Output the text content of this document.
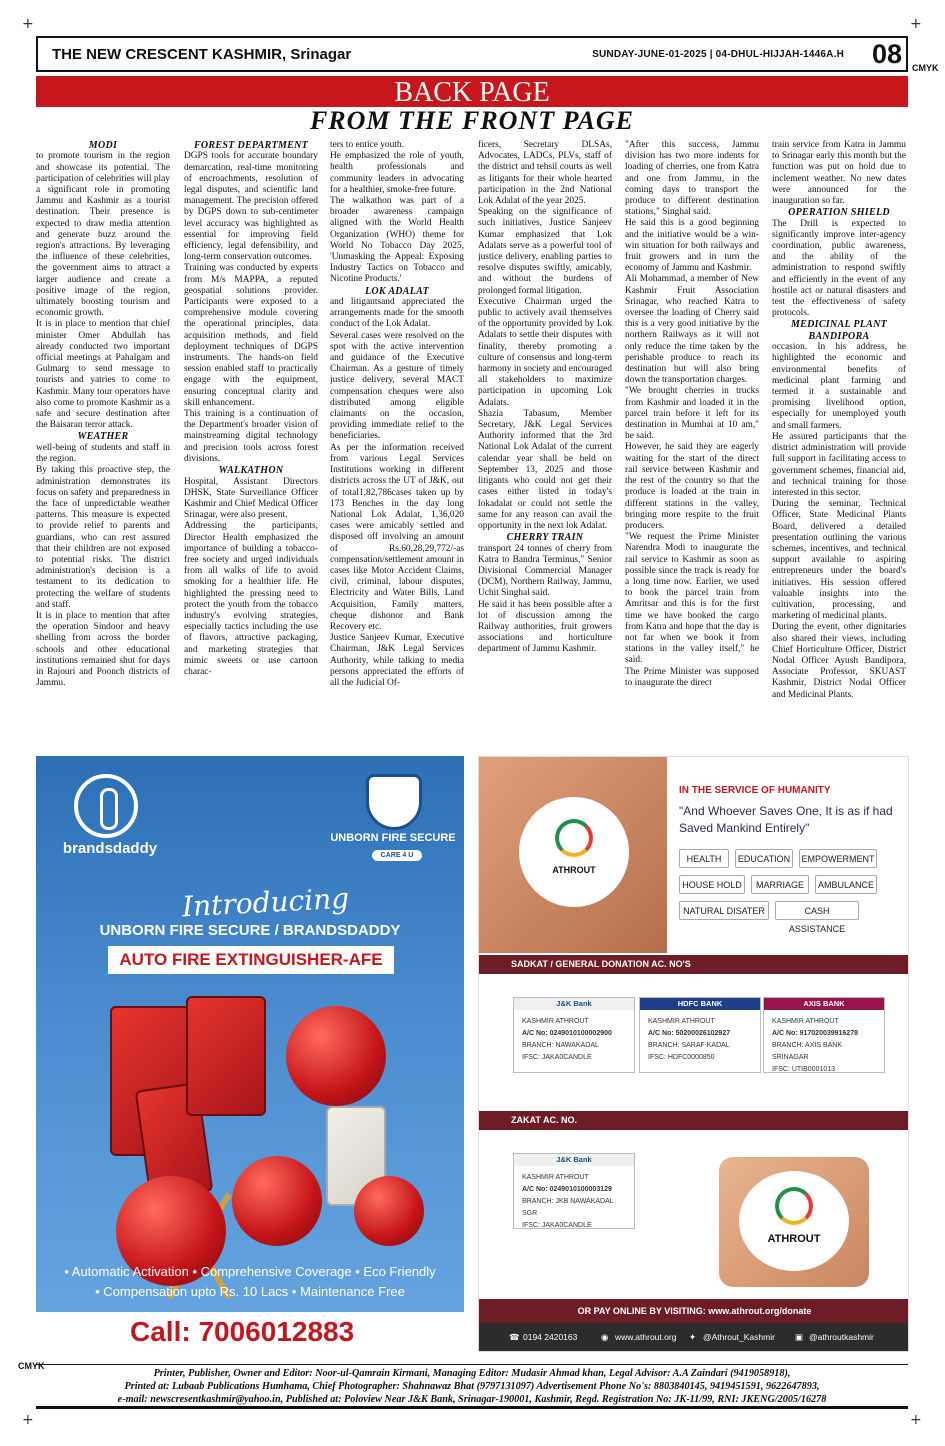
+	+
+	+
CMYK
CMYK
THE NEW CRESCENT KASHMIR, Srinagar	SUNDAY-JUNE-01-2025 | 04-DHUL-HIJJAH-1446A.H 08
BACK PAGE
FROM THE FRONT PAGE
MODI

to promote tourism in the region and showcase its potential. The participation of celebrities will play a significant role in promoting Jammu and Kashmir as a tourist destination. Their presence is expected to draw media attention and generate buzz around the region's attractions. By leveraging the influence of these celebrities, the government aims to attract a larger audience and create a positive image of the region, ultimately boosting tourism and economic growth.

It is in place to mention that chief minister Omer Abdullah has already conducted two important official meetings at Pahalgam and Gulmarg to send message to tourists and yatries to come to Kashmir. Many tour operators have also come to promote Kashmir as a safe and secure destination after the Baisaran terror attack.

WEATHER

well-being of students and staff in the region.

By taking this proactive step, the administration demonstrates its focus on safety and preparedness in the face of unpredictable weather patterns. This measure is expected to provide relief to parents and guardians, who can rest assured that their children are not exposed to potential risks. The district administration's decision is a testament to its dedication to protecting the welfare of students and staff.

It is in place to mention that after the operation Sindoor and heavy shelling from across the border schools and other educational institutions remained shut for days in Rajouri and Poonch districts of Jammu.

FOREST DEPARTMENT

DGPS tools for accurate boundary demarcation, real-time monitoring of encroachments, resolution of legal disputes, and scientific land management. The precision offered by DGPS down to sub-centimeter level accuracy was highlighted as essential for improving field efficiency, legal defensibility, and long-term conservation outcomes.

Training was conducted by experts from M/s MAPPA, a reputed geospatial solutions provider. Participants were exposed to a comprehensive module covering the operational principles, data acquisition methods, and field deployment techniques of DGPS instruments. The hands-on field session enabled staff to practically engage with the equipment, ensuring conceptual clarity and skill enhancement.

This training is a continuation of the Department's broader vision of mainstreaming digital technology and precision tools across forest divisions.

WALKATHON

Hospital, Assistant Directors DHSK, State Surveillance Officer Kashmir and Chief Medical Officer Srinagar, were also present.

Addressing the participants, Director Health emphasized the importance of building a tobacco-free society and urged individuals from all walks of life to avoid smoking for a healthier life. He highlighted the pressing need to protect the youth from the tobacco industry's evolving strategies, especially tactics including the use of flavors, attractive packaging, and marketing strategies that mimic sweets or use cartoon charac-

ters to entice youth.

He emphasized the role of youth, health professionals and community leaders in advocating for a healthier, smoke-free future.

The walkathon was part of a broader awareness campaign aligned with the World Health Organization (WHO) theme for World No Tobacco Day 2025, 'Unmasking the Appeal: Exposing Industry Tactics on Tobacco and Nicotine Products.'

LOK ADALAT

and litigantsand appreciated the arrangements made for the smooth conduct of the Lok Adalat.

Several cases were resolved on the spot with the active intervention and guidance of the Executive Chairman. As a gesture of timely justice delivery, several MACT compensation cheques were also distributed among eligible claimants on the occasion, providing immediate relief to the beneficiaries.

As per the information received from various Legal Services Institutions working in different districts across the UT of J&K, out of total1,82,786cases taken up by 173 Benches in the day long National Lok Adalat, 1,36,020 cases were amicably settled and disposed off involving an amount of Rs.60,28,29,772/-as compensation/settlement amount in cases like Motor Accident Claims, civil, criminal, labour disputes, Electricity and Water Bills, Land Acquisition, Family matters, cheque dishonor and Bank Recovery etc.

Justice Sanjeev Kumar, Executive Chairman, J&K Legal Services Authority, while talking to media persons appreciated the efforts of all the Judicial Of-

ficers, Secretary DLSAs, Advocates, LADCs, PLVs, staff of the district and tehsil courts as well as litigants for their whole hearted participation in the 2nd National Lok Adalat of the year 2025.

Speaking on the significance of such initiatives, Justice Sanjeev Kumar emphasized that Lok Adalats serve as a powerful tool of justice delivery, enabling parties to resolve disputes swiftly, amicably, and without the burdens of prolonged formal litigation.

Executive Chairman urged the public to actively avail themselves of the opportunity provided by Lok Adalats to settle their disputes with finality, thereby promoting a culture of consensus and long-term harmony in society and encouraged all stakeholders to maximize participation in upcoming Lok Adalats.

Shazia Tabasum, Member Secretary, J&K Legal Services Authority informed that the 3rd National Lok Adalat of the current calendar year shall be held on September 13, 2025 and those litigants who could not get their cases either listed in today's lokadalat or could not settle the same for any reason can avail the opportunity in the next lok Adalat.

CHERRY TRAIN

transport 24 tonnes of cherry from Katra to Bandra Terminus," Senior Divisional Commercial Manager (DCM), Northern Railway, Jammu, Uchit Singhal said.

He said it has been possible after a lot of discussion among the Railway authorities, fruit growers associations and horticulture department of Jammu Kashmir.

"After this success, Jammu division has two more indents for loading of cherries, one from Katra and one from Jammu, in the coming days to transport the produce to different destination stations," Singhal said.

He said this is a good beginning and the initiative would be a win-win situation for both railways and fruit growers and in turn the economy of Jammu and Kashmir.

Ali Mohammad, a member of New Kashmir Fruit Association Srinagar, who reached Katra to oversee the loading of Cherry said this is a very good initiative by the northern Railways as it will not only reduce the time taken by the perishable produce to reach its destination but will also bring down the transportation charges.

"We brought cherries in trucks from Kashmir and loaded it in the parcel train before it left for its destination in Mumbai at 10 am," he said.

However, he said they are eagerly waiting for the start of the direct rail service between Kashmir and the rest of the country so that the produce is loaded at the train in different stations in the valley, bringing more respite to the fruit producers.

"We request the Prime Minister Narendra Modi to inaugurate the rail service to Kashmir as soon as possible since the track is ready for a long time now. Earlier, we used to book the parcel train from Amritsar and this is for the first time we have booked the cargo from Katra and hope that the day is not far when we book it from stations in the valley itself," he said.

The Prime Minister was supposed to inaugurate the direct

train service from Katra in Jammu to Srinagar early this month but the function was put on hold due to inclement weather. No new dates were announced for the inauguration so far.

OPERATION SHIELD

The Drill is expected to significantly improve inter-agency coordination, public awareness, and the ability of the administration to respond swiftly and efficiently in the event of any hostile act or natural disasters and test the effectiveness of safety protocols.

MEDICINAL PLANT BANDIPORA

occasion. In his address, he highlighted the economic and environmental benefits of medicinal plant farming and termed it a sustainable and promising livelihood option, especially for unemployed youth and small farmers.

He assured participants that the district administration will provide full support in facilitating access to government schemes, financial aid, and technical training for those interested in this sector.

During the seminar, Technical Officer, State Medicinal Plants Board, delivered a detailed presentation outlining the various schemes, incentives, and technical support available to aspiring entrepreneurs under the board's initiatives. His session offered valuable insights into the cultivation, processing, and marketing of medicinal plants.

During the event, other dignitaries also shared their views, including Chief Horticulture Officer, District Nodal Officer Ayush Bandipora, Associate Professor, SKUAST Kashmir, District Nodal Officer and Medicinal Plants.

brandsdaddy
UNBORN FIRE SECURE
CARE 4 U
Introducing
UNBORN FIRE SECURE / BRANDSDADDY
AUTO FIRE EXTINGUISHER-AFE
• Automatic Activation • Comprehensive Coverage • Eco Friendly
• Compensation upto Rs. 10 Lacs • Maintenance Free
Call: 7006012883
ATHROUT
IN THE SERVICE OF HUMANITY
"And Whoever Saves One, It is as if had Saved Mankind Entirely"
HEALTH	EDUCATION	EMPOWERMENT
HOUSE HOLD	MARRIAGE	AMBULANCE
NATURAL DISATER	CASH ASSISTANCE
SADKAT / GENERAL DONATION AC. NO'S
J&K Bank
KASHMIR ATHROUT
A/C No: 0249010100002900
BRANCH: NAWAKADAL
IFSC: JAKA0CANDLE
HDFC BANK
KASHMIR ATHROUT
A/C No: 50200026102927
BRANCH: SARAF KADAL
IFSC: HDFC0000850
AXIS BANK
KASHMIR ATHROUT
A/C No: 917020039916278
BRANCH: AXIS BANK SRINAGAR
IFSC: UTIB0001013
ZAKAT AC. NO.
J&K Bank
KASHMIR ATHROUT
A/C No: 0249010100003129
BRANCH: JKB NAWAKADAL SGR
IFSC: JAKA0CANDLE
ATHROUT
OR PAY ONLINE BY VISITING: www.athrout.org/donate
☎ 0194 2420163	◉ www.athrout.org ✦ @Athrout_Kashmir ▣ @athroutkashmir
Printer, Publisher, Owner and Editor: Noor-ul-Qamrain Kirmani, Managing Editor: Mudasir Ahmad khan, Legal Advisor: A.A Zaindari (9419058918),
Printed at: Lubaab Publications Humhama, Chief Photographer: Shahnawaz Bhat (9797131097) Advertisement Phone No's: 8803840145, 9419451591, 9622647893,
e-mail: newscresentkashmir@yahoo.in, Published at: Poloview Near J&K Bank, Srinagar-190001, Kashmir, Regd. Registration No: JK-11/99, RNI: JKENG/2005/16278
